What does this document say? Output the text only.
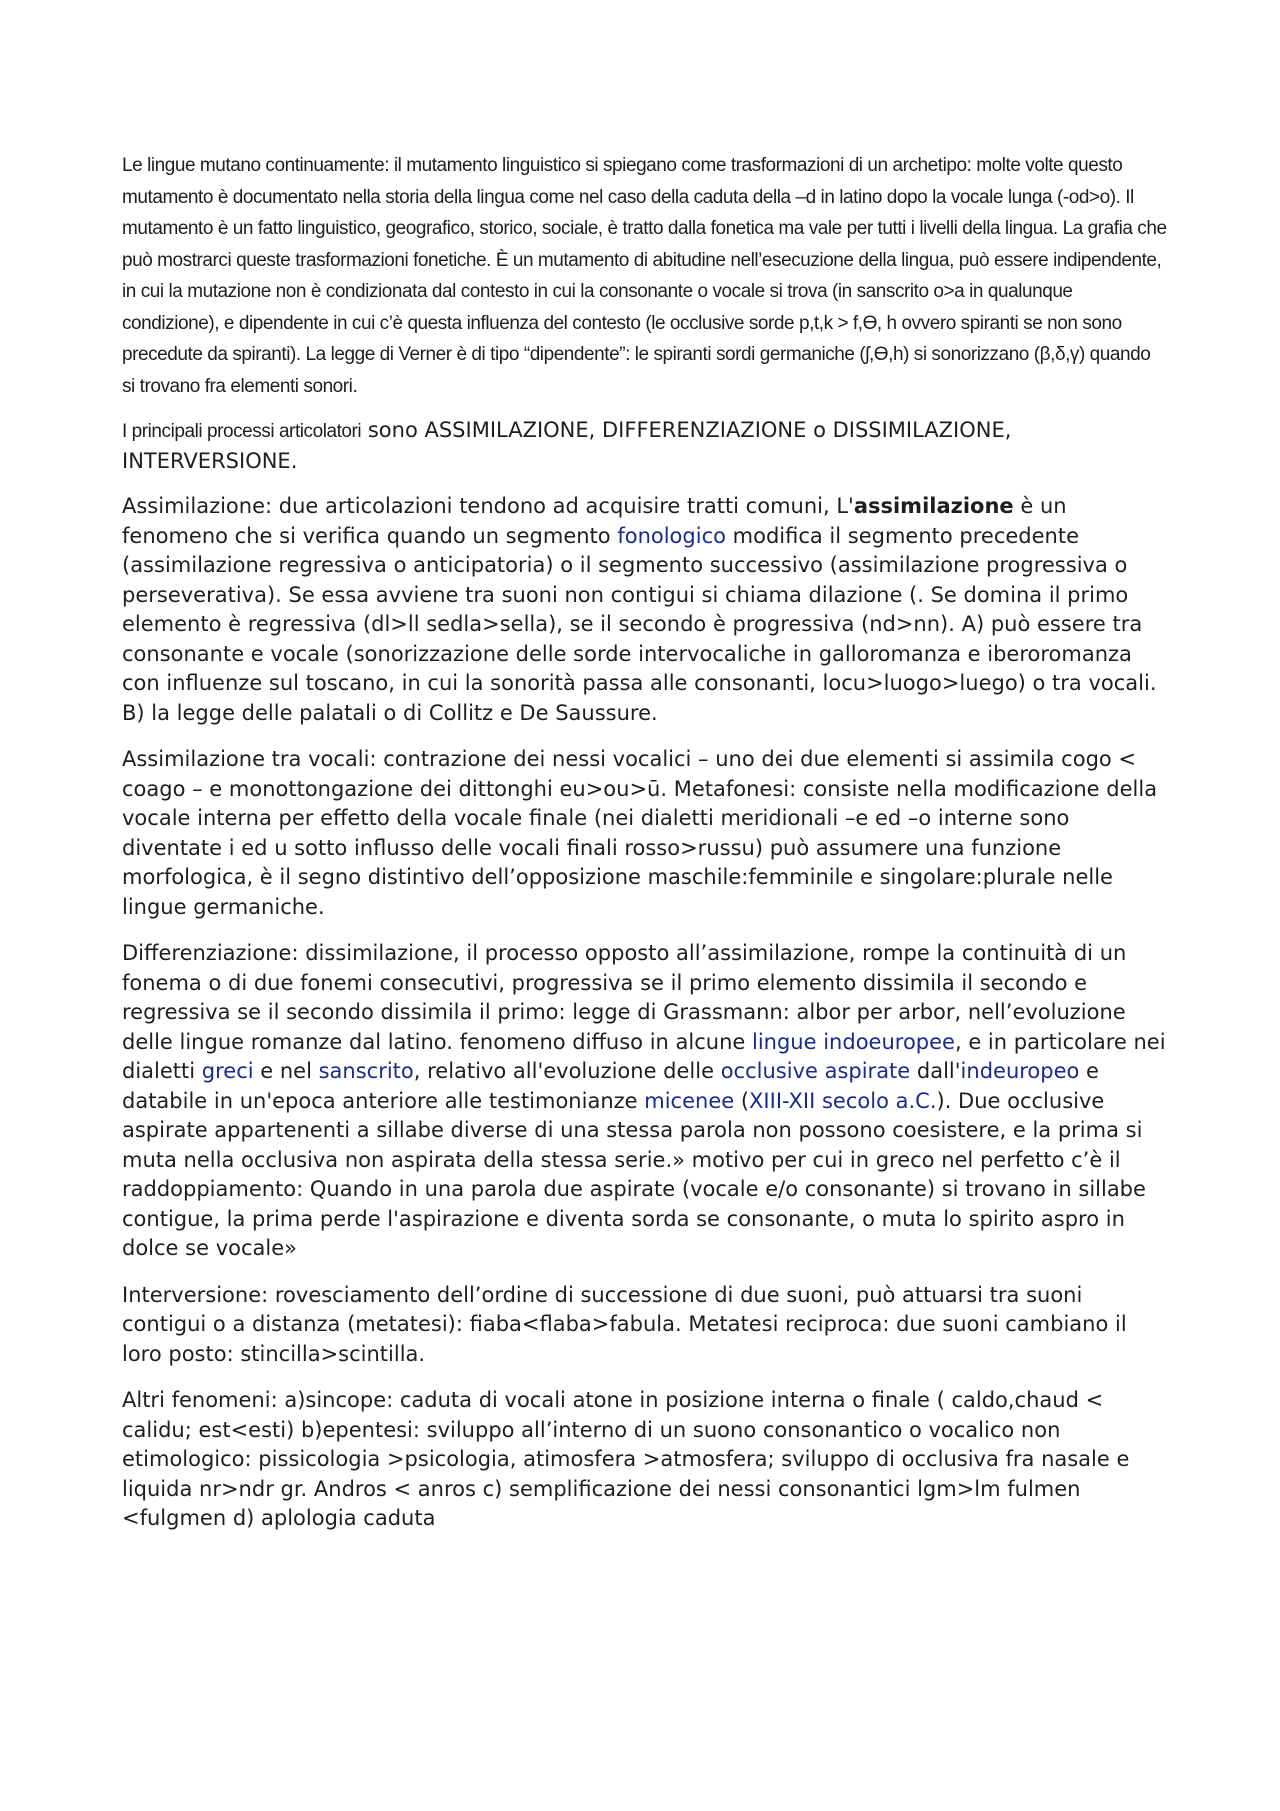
Le lingue mutano continuamente: il mutamento linguistico si spiegano come trasformazioni di un archetipo: molte volte questo mutamento è documentato nella storia della lingua come nel caso della caduta della –d in latino dopo la vocale lunga (-od>o). Il mutamento è un fatto linguistico, geografico, storico, sociale, è tratto dalla fonetica ma vale per tutti i livelli della lingua. La grafia che può mostrarci queste trasformazioni fonetiche. È un mutamento di abitudine nell’esecuzione della lingua, può essere indipendente, in cui la mutazione non è condizionata dal contesto in cui la consonante o vocale si trova (in sanscrito o>a in qualunque condizione), e dipendente in cui c’è questa influenza del contesto (le occlusive sorde p,t,k > f,Ɵ, h ovvero spiranti se non sono precedute da spiranti). La legge di Verner è di tipo “dipendente”: le spiranti sordi germaniche (ʃ,Ɵ,h) si sonorizzano (β,δ,γ) quando si trovano fra elementi sonori.

I principali processi articolatori sono ASSIMILAZIONE, DIFFERENZIAZIONE o DISSIMILAZIONE, INTERVERSIONE.

Assimilazione: due articolazioni tendono ad acquisire tratti comuni, L'assimilazione è un fenomeno che si verifica quando un segmento fonologico modifica il segmento precedente (assimilazione regressiva o anticipatoria) o il segmento successivo (assimilazione progressiva o perseverativa). Se essa avviene tra suoni non contigui si chiama dilazione (. Se domina il primo elemento è regressiva (dl>ll sedla>sella), se il secondo è progressiva (nd>nn). A) può essere tra consonante e vocale (sonorizzazione delle sorde intervocaliche in galloromanza e iberoromanza con influenze sul toscano, in cui la sonorità passa alle consonanti, locu>luogo>luego) o tra vocali. B) la legge delle palatali o di Collitz e De Saussure.

Assimilazione tra vocali: contrazione dei nessi vocalici – uno dei due elementi si assimila cogo < coago – e monottongazione dei dittonghi eu>ou>ū. Metafonesi: consiste nella modificazione della vocale interna per effetto della vocale finale (nei dialetti meridionali –e ed –o interne sono diventate i ed u sotto influsso delle vocali finali rosso>russu) può assumere una funzione morfologica, è il segno distintivo dell’opposizione maschile:femminile e singolare:plurale nelle lingue germaniche.

Differenziazione: dissimilazione, il processo opposto all’assimilazione, rompe la continuità di un fonema o di due fonemi consecutivi, progressiva se il primo elemento dissimila il secondo e regressiva se il secondo dissimila il primo: legge di Grassmann: albor per arbor, nell’evoluzione delle lingue romanze dal latino. fenomeno diffuso in alcune lingue indoeuropee, e in particolare nei dialetti greci e nel sanscrito, relativo all'evoluzione delle occlusive aspirate dall'indeuropeo e databile in un'epoca anteriore alle testimonianze micenee (XIII-XII secolo a.C.). Due occlusive aspirate appartenenti a sillabe diverse di una stessa parola non possono coesistere, e la prima si muta nella occlusiva non aspirata della stessa serie.» motivo per cui in greco nel perfetto c’è il raddoppiamento: Quando in una parola due aspirate (vocale e/o consonante) si trovano in sillabe contigue, la prima perde l'aspirazione e diventa sorda se consonante, o muta lo spirito aspro in dolce se vocale»

Interversione: rovesciamento dell’ordine di successione di due suoni, può attuarsi tra suoni contigui o a distanza (metatesi): fiaba<flaba>fabula. Metatesi reciproca: due suoni cambiano il loro posto: stincilla>scintilla.

Altri fenomeni: a)sincope: caduta di vocali atone in posizione interna o finale ( caldo,chaud < calidu; est<esti) b)epentesi: sviluppo all’interno di un suono consonantico o vocalico non etimologico: pissicologia >psicologia, atimosfera >atmosfera; sviluppo di occlusiva fra nasale e liquida nr>ndr gr. Andros < anros c) semplificazione dei nessi consonantici lgm>lm fulmen <fulgmen d) aplologia caduta
